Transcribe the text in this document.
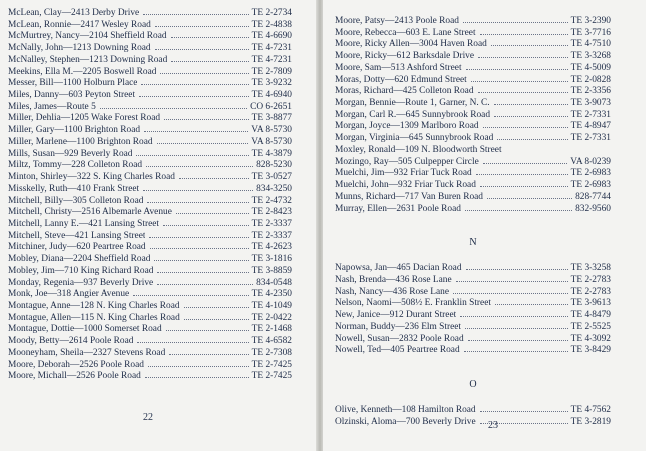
McLean, Clay—2413 Derby Drive	TE 2-2734
McLean, Ronnie—2417 Wesley Road	TE 2-4838
McMurtrey, Nancy—2104 Sheffield Road	TE 4-6690
McNally, John—1213 Downing Road	TE 4-7231
McNalley, Stephen—1213 Downing Road	TE 4-7231
Meekins, Ella M.—2205 Boswell Road	TE 2-7809
Messer, Bill—1100 Holburn Place	TE 3-9232
Miles, Danny—603 Peyton Street	TE 4-6940
Miles, James—Route 5	CO 6-2651
Miller, Dehlia—1205 Wake Forest Road	TE 3-8877
Miller, Gary—1100 Brighton Road	VA 8-5730
Miller, Marlene—1100 Brighton Road	VA 8-5730
Mills, Susan—929 Beverly Road	TE 4-3879
Miltz, Tommy—228 Colleton Road	828-5230
Minton, Shirley—322 S. King Charles Road	TE 3-0527
Misskelly, Ruth—410 Frank Street	834-3250
Mitchell, Billy—305 Colleton Road	TE 2-4732
Mitchell, Christy—2516 Albemarle Avenue	TE 2-8423
Mitchell, Lanny E.—421 Lansing Street	TE 2-3337
Mitchell, Steve—421 Lansing Street	TE 2-3337
Mitchiner, Judy—620 Peartree Road	TE 4-2623
Mobley, Diana—2204 Sheffield Road	TE 3-1816
Mobley, Jim—710 King Richard Road	TE 3-8859
Monday, Regenia—937 Beverly Drive	834-0548
Monk, Joe—318 Angier Avenue	TE 4-2350
Montague, Anne—128 N. King Charles Road	TE 4-1049
Montague, Allen—115 N. King Charles Road	TE 2-0422
Montague, Dottie—1000 Somerset Road	TE 2-1468
Moody, Betty—2614 Poole Road	TE 4-6582
Mooneyham, Sheila—2327 Stevens Road	TE 2-7308
Moore, Deborah—2526 Poole Road	TE 2-7425
Moore, Michall—2526 Poole Road	TE 2-7425
22
Moore, Patsy—2413 Poole Road	TE 3-2390
Moore, Rebecca—603 E. Lane Street	TE 3-7716
Moore, Ricky Allen—3004 Haven Road	TE 4-7510
Moore, Ricky—612 Barksdale Drive	TE 3-3268
Moore, Sam—513 Ashford Street	TE 4-5009
Moras, Dotty—620 Edmund Street	TE 2-0828
Moras, Richard—425 Colleton Road	TE 2-3356
Morgan, Bennie—Route 1, Garner, N. C.	TE 3-9073
Morgan, Carl R.—645 Sunnybrook Road	TE 2-7331
Morgan, Joyce—1309 Marlboro Road	TE 4-8947
Morgan, Virginia—645 Sunnybrook Road	TE 2-7331
Moxley, Ronald—109 N. Bloodworth Street
Mozingo, Ray—505 Culpepper Circle	VA 8-0239
Muelchi, Jim—932 Friar Tuck Road	TE 2-6983
Muelchi, John—932 Friar Tuck Road	TE 2-6983
Munns, Richard—717 Van Buren Road	828-7744
Murray, Ellen—2631 Poole Road	832-9560
N
Napowsa, Jan—465 Dacian Road	TE 3-3258
Nash, Brenda—436 Rose Lane	TE 2-2783
Nash, Nancy—436 Rose Lane	TE 2-2783
Nelson, Naomi—508½ E. Franklin Street	TE 3-9613
New, Janice—912 Durant Street	TE 4-8479
Norman, Buddy—236 Elm Street	TE 2-5525
Nowell, Susan—2832 Poole Road	TE 4-3092
Nowell, Ted—405 Peartree Road	TE 3-8429
O
Olive, Kenneth—108 Hamilton Road	TE 4-7562
Olzinski, Aloma—700 Beverly Drive	TE 3-2819
23
